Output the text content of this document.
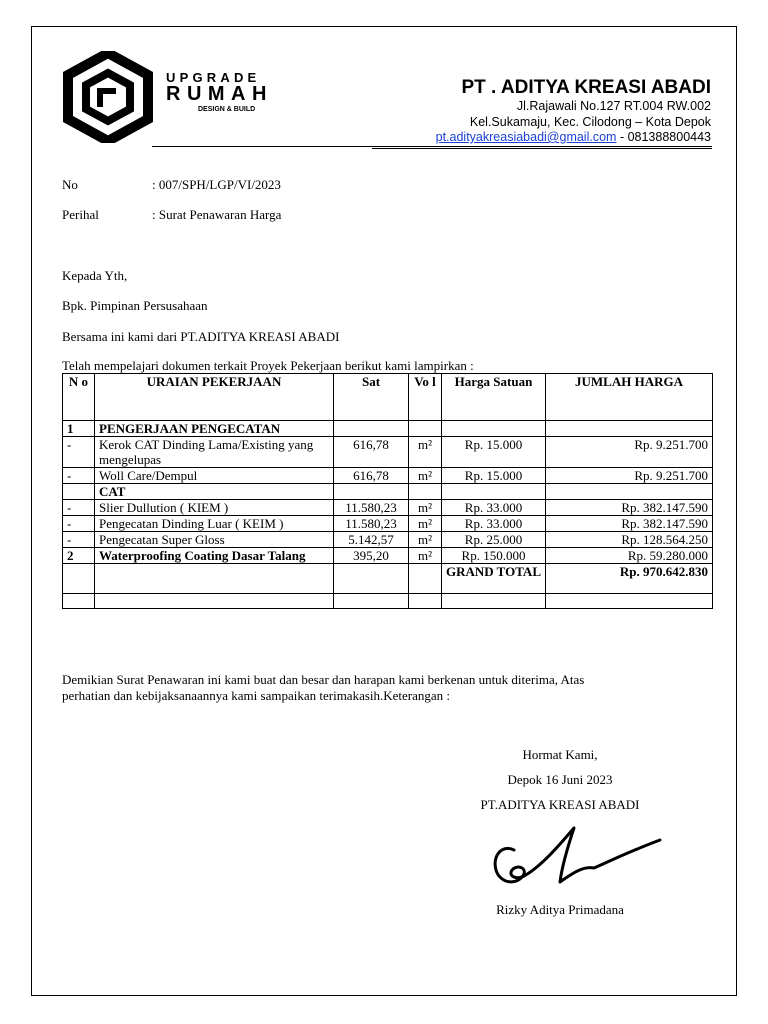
UPGRADE
RUMAH
DESIGN & BUILD
PT . ADITYA KREASI ABADI
Jl.Rajawali No.127 RT.004 RW.002
Kel.Sukamaju, Kec. Cilodong – Kota Depok
pt.adityakreasiabadi@gmail.com - 081388800443
No	: 007/SPH/LGP/VI/2023
Perihal	: Surat Penawaran Harga
Kepada Yth,
Bpk. Pimpinan Persusahaan
Bersama ini kami dari PT.ADITYA KREASI ABADI
Telah mempelajari dokumen terkait Proyek Pekerjaan berikut kami lampirkan :
N o	URAIAN PEKERJAAN	Sat	Vo l	Harga Satuan	JUMLAH HARGA
1	PENGERJAAN PENGECATAN				
-	Kerok CAT Dinding Lama/Existing yang mengelupas	616,78	m²	Rp. 15.000	Rp. 9.251.700
-	Woll Care/Dempul	616,78	m²	Rp. 15.000	Rp. 9.251.700
	CAT				
-	Slier Dullution ( KIEM )	11.580,23	m²	Rp. 33.000	Rp. 382.147.590
-	Pengecatan Dinding Luar ( KEIM )	11.580,23	m²	Rp. 33.000	Rp. 382.147.590
-	Pengecatan Super Gloss	5.142,57	m²	Rp. 25.000	Rp. 128.564.250
2	Waterproofing Coating Dasar Talang	395,20	m²	Rp. 150.000	Rp. 59.280.000
				GRAND TOTAL	Rp. 970.642.830

Demikian Surat Penawaran ini kami buat dan besar dan harapan kami berkenan untuk diterima, Atas
perhatian dan kebijaksanaannya kami sampaikan terimakasih.Keterangan :
Hormat Kami,
Depok 16 Juni 2023
PT.ADITYA KREASI ABADI
Rizky Aditya Primadana
